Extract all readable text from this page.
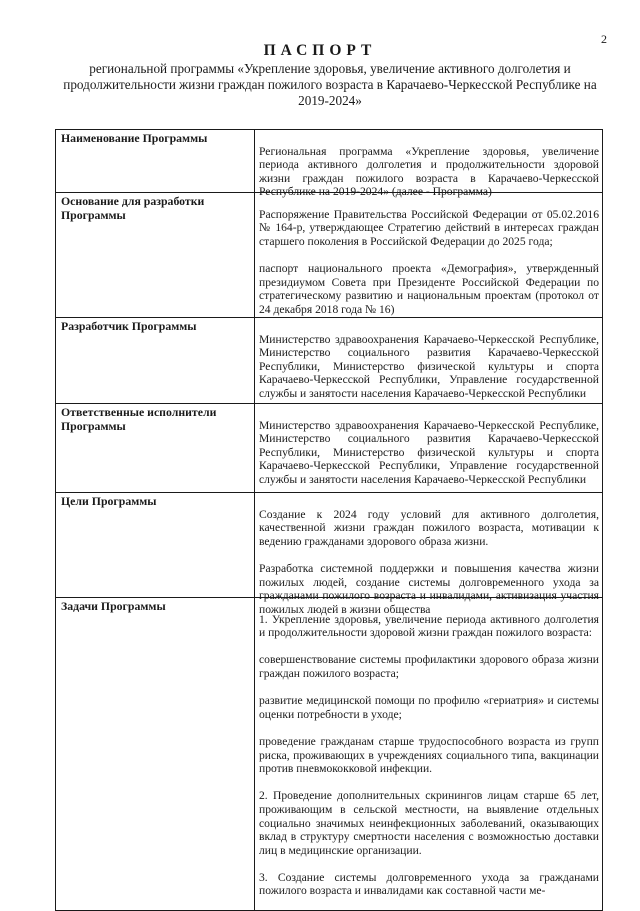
2
ПАСПОРТ
региональной программы «Укрепление здоровья, увеличение активного долголетия и продолжительности жизни граждан пожилого возраста в Карачаево-Черкесской Республике на 2019-2024»
Наименование Программы

Региональная программа «Укрепление здоровья, увеличение периода активного долголетия и продолжительности здоровой жизни граждан пожилого возраста в Карачаево-Черкесской Республике на 2019-2024» (далее - Программа)

Основание для разработки Программы	Распоряжение Правительства Российской Федерации от 05.02.2016 № 164-р, утверждающее Стратегию действий в интересах граждан старшего поколения в Российской Федерации до 2025 года;

паспорт национального проекта «Демография», утвержденный президиумом Совета при Президенте Российской Федерации по стратегическому развитию и национальным проектам (протокол от 24 декабря 2018 года № 16)

Разработчик Программы

Министерство здравоохранения Карачаево-Черкесской Республике, Министерство социального развития Карачаево-Черкесской Республики, Министерство физической культуры и спорта Карачаево-Черкесской Республики, Управление государственной службы и занятости населения Карачаево-Черкесской Республики

Ответственные исполнители Программы	Министерство здравоохранения Карачаево-Черкесской Республике, Министерство социального развития Карачаево-Черкесской Республики, Министерство физической культуры и спорта Карачаево-Черкесской Республики, Управление государственной службы и занятости населения Карачаево-Черкесской Республики

Цели Программы

Создание к 2024 году условий для активного долголетия, качественной жизни граждан пожилого возраста, мотивации к ведению гражданами здорового образа жизни.

Разработка системной поддержки и повышения качества жизни пожилых людей, создание системы долговременного ухода за гражданами пожилого возраста и инвалидами, активизация участия пожилых людей в жизни общества

Задачи Программы

1. Укрепление здоровья, увеличение периода активного долголетия и продолжительности здоровой жизни граждан пожилого возраста:

совершенствование системы профилактики здорового образа жизни граждан пожилого возраста;

развитие медицинской помощи по профилю «гериатрия» и системы оценки потребности в уходе;

проведение гражданам старше трудоспособного возраста из групп риска, проживающих в учреждениях социального типа, вакцинации против пневмококковой инфекции.

2. Проведение дополнительных скринингов лицам старше 65 лет, проживающим в сельской местности, на выявление отдельных социально значимых неинфекционных заболеваний, оказывающих вклад в структуру смертности населения с возможностью доставки лиц в медицинские организации.

3. Создание системы долговременного ухода за гражданами пожилого возраста и инвалидами как составной части ме-
